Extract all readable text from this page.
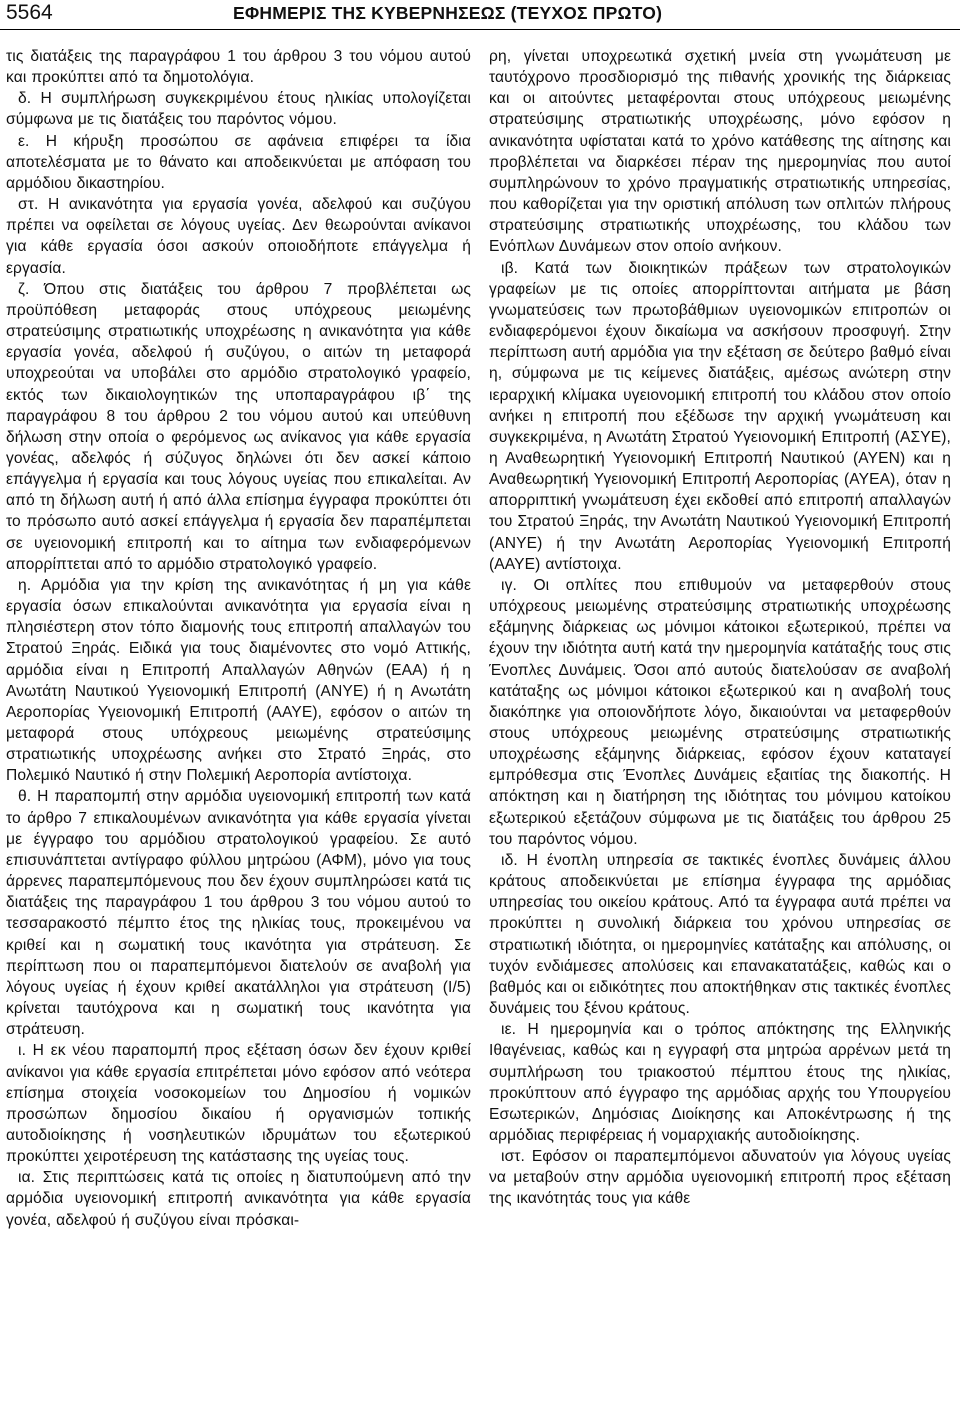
5564	ΕΦΗΜΕΡΙΣ ΤΗΣ ΚΥΒΕΡΝΗΣΕΩΣ (ΤΕΥΧΟΣ ΠΡΩΤΟ)

τις διατάξεις της παραγράφου 1 του άρθρου 3 του νόμου αυτού και προκύπτει από τα δημοτολόγια.

δ. Η συμπλήρωση συγκεκριμένου έτους ηλικίας υπολογίζεται σύμφωνα με τις διατάξεις του παρόντος νόμου.

ε. Η κήρυξη προσώπου σε αφάνεια επιφέρει τα ίδια αποτελέσματα με το θάνατο και αποδεικνύεται με απόφαση του αρμόδιου δικαστηρίου.

στ. Η ανικανότητα για εργασία γονέα, αδελφού και συζύγου πρέπει να οφείλεται σε λόγους υγείας. Δεν θεωρούνται ανίκανοι για κάθε εργασία όσοι ασκούν οποιοδήποτε επάγγελμα ή εργασία.

ζ. Όπου στις διατάξεις του άρθρου 7 προβλέπεται ως προϋπόθεση μεταφοράς στους υπόχρεους μειωμένης στρατεύσιμης στρατιωτικής υποχρέωσης η ανικανότητα για κάθε εργασία γονέα, αδελφού ή συζύγου, ο αιτών τη μεταφορά υποχρεούται να υποβάλει στο αρμόδιο στρατολογικό γραφείο, εκτός των δικαιολογητικών της υποπαραγράφου ιβ΄ της παραγράφου 8 του άρθρου 2 του νόμου αυτού και υπεύθυνη δήλωση στην οποία ο φερόμενος ως ανίκανος για κάθε εργασία γονέας, αδελφός ή σύζυγος δηλώνει ότι δεν ασκεί κάποιο επάγγελμα ή εργασία και τους λόγους υγείας που επικαλείται. Αν από τη δήλωση αυτή ή από άλλα επίσημα έγγραφα προκύπτει ότι το πρόσωπο αυτό ασκεί επάγγελμα ή εργασία δεν παραπέμπεται σε υγειονομική επιτροπή και το αίτημα των ενδιαφερόμενων απορρίπτεται από το αρμόδιο στρατολογικό γραφείο.

η. Αρμόδια για την κρίση της ανικανότητας ή μη για κάθε εργασία όσων επικαλούνται ανικανότητα για εργασία είναι η πλησιέστερη στον τόπο διαμονής τους επιτροπή απαλλαγών του Στρατού Ξηράς. Ειδικά για τους διαμένοντες στο νομό Αττικής, αρμόδια είναι η Επιτροπή Απαλλαγών Αθηνών (ΕΑΑ) ή η Ανωτάτη Ναυτικού Υγειονομική Επιτροπή (ΑΝΥΕ) ή η Ανωτάτη Αεροπορίας Υγειονομική Επιτροπή (ΑΑΥΕ), εφόσον ο αιτών τη μεταφορά στους υπόχρεους μειωμένης στρατεύσιμης στρατιωτικής υποχρέωσης ανήκει στο Στρατό Ξηράς, στο Πολεμικό Ναυτικό ή στην Πολεμική Αεροπορία αντίστοιχα.

θ. Η παραπομπή στην αρμόδια υγειονομική επιτροπή των κατά το άρθρο 7 επικαλουμένων ανικανότητα για κάθε εργασία γίνεται με έγγραφο του αρμόδιου στρατολογικού γραφείου. Σε αυτό επισυνάπτεται αντίγραφο φύλλου μητρώου (ΑΦΜ), μόνο για τους άρρενες παραπεμπόμενους που δεν έχουν συμπληρώσει κατά τις διατάξεις της παραγράφου 1 του άρθρου 3 του νόμου αυτού το τεσσαρακοστό πέμπτο έτος της ηλικίας τους, προκειμένου να κριθεί και η σωματική τους ικανότητα για στράτευση. Σε περίπτωση που οι παραπεμπόμενοι διατελούν σε αναβολή για λόγους υγείας ή έχουν κριθεί ακατάλληλοι για στράτευση (Ι/5) κρίνεται ταυτόχρονα και η σωματική τους ικανότητα για στράτευση.

ι. Η εκ νέου παραπομπή προς εξέταση όσων δεν έχουν κριθεί ανίκανοι για κάθε εργασία επιτρέπεται μόνο εφόσον από νεότερα επίσημα στοιχεία νοσοκομείων του Δημοσίου ή νομικών προσώπων δημοσίου δικαίου ή οργανισμών τοπικής αυτοδιοίκησης ή νοσηλευτικών ιδρυμάτων του εξωτερικού προκύπτει χειροτέρευση της κατάστασης της υγείας τους.

ια. Στις περιπτώσεις κατά τις οποίες η διατυπούμενη από την αρμόδια υγειονομική επιτροπή ανικανότητα για κάθε εργασία γονέα, αδελφού ή συζύγου είναι πρόσκαι-

ρη, γίνεται υποχρεωτικά σχετική μνεία στη γνωμάτευση με ταυτόχρονο προσδιορισμό της πιθανής χρονικής της διάρκειας και οι αιτούντες μεταφέρονται στους υπόχρεους μειωμένης στρατεύσιμης στρατιωτικής υποχρέωσης, μόνο εφόσον η ανικανότητα υφίσταται κατά το χρόνο κατάθεσης της αίτησης και προβλέπεται να διαρκέσει πέραν της ημερομηνίας που αυτοί συμπληρώνουν το χρόνο πραγματικής στρατιωτικής υπηρεσίας, που καθορίζεται για την οριστική απόλυση των οπλιτών πλήρους στρατεύσιμης στρατιωτικής υποχρέωσης, του κλάδου των Ενόπλων Δυνάμεων στον οποίο ανήκουν.

ιβ. Κατά των διοικητικών πράξεων των στρατολογικών γραφείων με τις οποίες απορρίπτονται αιτήματα με βάση γνωματεύσεις των πρωτοβάθμιων υγειονομικών επιτροπών οι ενδιαφερόμενοι έχουν δικαίωμα να ασκήσουν προσφυγή. Στην περίπτωση αυτή αρμόδια για την εξέταση σε δεύτερο βαθμό είναι η, σύμφωνα με τις κείμενες διατάξεις, αμέσως ανώτερη στην ιεραρχική κλίμακα υγειονομική επιτροπή του κλάδου στον οποίο ανήκει η επιτροπή που εξέδωσε την αρχική γνωμάτευση και συγκεκριμένα, η Ανωτάτη Στρατού Υγειονομική Επιτροπή (ΑΣΥΕ), η Αναθεωρητική Υγειονομική Επιτροπή Ναυτικού (ΑΥΕΝ) και η Αναθεωρητική Υγειονομική Επιτροπή Αεροπορίας (ΑΥΕΑ), όταν η απορριπτική γνωμάτευση έχει εκδοθεί από επιτροπή απαλλαγών του Στρατού Ξηράς, την Ανωτάτη Ναυτικού Υγειονομική Επιτροπή (ΑΝΥΕ) ή την Ανωτάτη Αεροπορίας Υγειονομική Επιτροπή (ΑΑΥΕ) αντίστοιχα.

ιγ. Οι οπλίτες που επιθυμούν να μεταφερθούν στους υπόχρεους μειωμένης στρατεύσιμης στρατιωτικής υποχρέωσης εξάμηνης διάρκειας ως μόνιμοι κάτοικοι εξωτερικού, πρέπει να έχουν την ιδιότητα αυτή κατά την ημερομηνία κατάταξής τους στις Ένοπλες Δυνάμεις. Όσοι από αυτούς διατελούσαν σε αναβολή κατάταξης ως μόνιμοι κάτοικοι εξωτερικού και η αναβολή τους διακόπηκε για οποιονδήποτε λόγο, δικαιούνται να μεταφερθούν στους υπόχρεους μειωμένης στρατεύσιμης στρατιωτικής υποχρέωσης εξάμηνης διάρκειας, εφόσον έχουν καταταγεί εμπρόθεσμα στις Ένοπλες Δυνάμεις εξαιτίας της διακοπής. Η απόκτηση και η διατήρηση της ιδιότητας του μόνιμου κατοίκου εξωτερικού εξετάζουν σύμφωνα με τις διατάξεις του άρθρου 25 του παρόντος νόμου.

ιδ. Η ένοπλη υπηρεσία σε τακτικές ένοπλες δυνάμεις άλλου κράτους αποδεικνύεται με επίσημα έγγραφα της αρμόδιας υπηρεσίας του οικείου κράτους. Από τα έγγραφα αυτά πρέπει να προκύπτει η συνολική διάρκεια του χρόνου υπηρεσίας σε στρατιωτική ιδιότητα, οι ημερομηνίες κατάταξης και απόλυσης, οι τυχόν ενδιάμεσες απολύσεις και επανακατατάξεις, καθώς και ο βαθμός και οι ειδικότητες που αποκτήθηκαν στις τακτικές ένοπλες δυνάμεις του ξένου κράτους.

ιε. Η ημερομηνία και ο τρόπος απόκτησης της Ελληνικής Ιθαγένειας, καθώς και η εγγραφή στα μητρώα αρρένων μετά τη συμπλήρωση του τριακοστού πέμπτου έτους της ηλικίας, προκύπτουν από έγγραφο της αρμόδιας αρχής του Υπουργείου Εσωτερικών, Δημόσιας Διοίκησης και Αποκέντρωσης ή της αρμόδιας περιφέρειας ή νομαρχιακής αυτοδιοίκησης.

ιστ. Εφόσον οι παραπεμπόμενοι αδυνατούν για λόγους υγείας να μεταβούν στην αρμόδια υγειονομική επιτροπή προς εξέταση της ικανότητάς τους για κάθε
